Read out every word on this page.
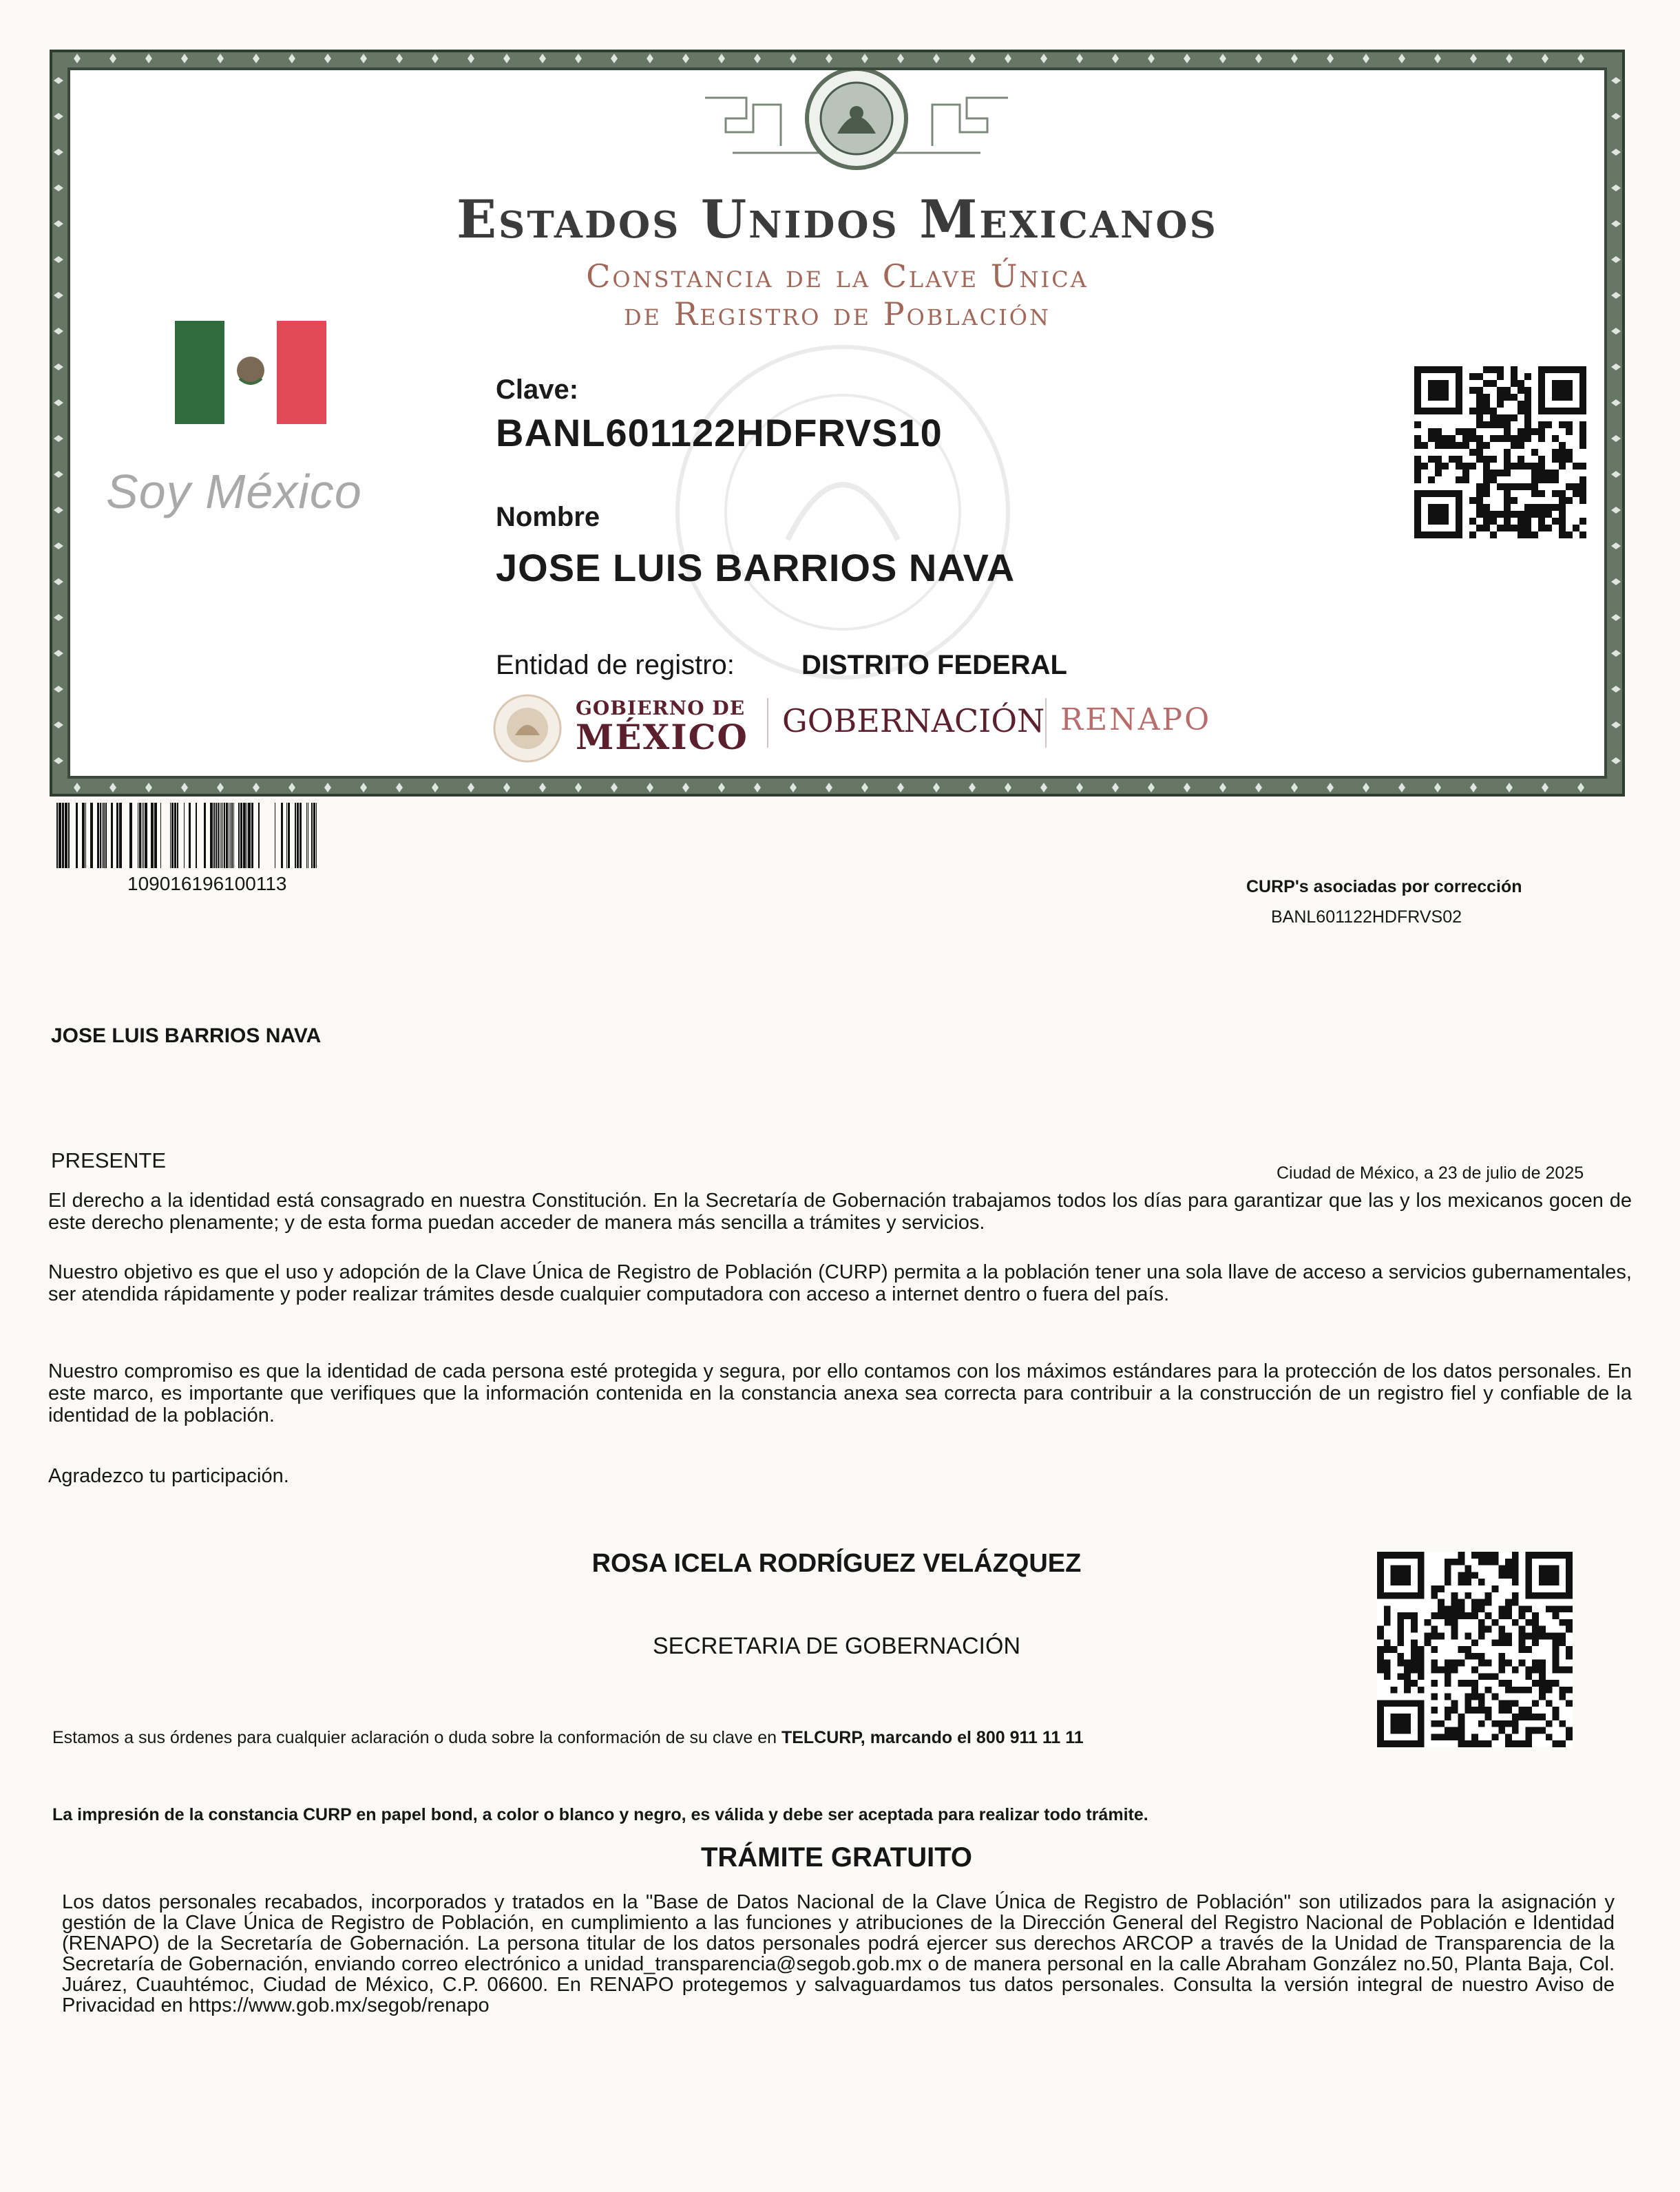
Estados Unidos Mexicanos
Constancia de la Clave Única
de Registro de Población
Soy México
Clave:
BANL601122HDFRVS10
Nombre
JOSE LUIS BARRIOS NAVA
Entidad de registro: DISTRITO FEDERAL
GOBIERNO DE
MÉXICO GOBERNACIÓN RENAPO
109016196100113	CURP's asociadas por corrección
BANL601122HDFRVS02
JOSE LUIS BARRIOS NAVA
PRESENTE
Ciudad de México, a 23 de julio de 2025
El derecho a la identidad está consagrado en nuestra Constitución. En la Secretaría de Gobernación trabajamos todos los días para garantizar que las y los mexicanos gocen de este derecho plenamente; y de esta forma puedan acceder de manera más sencilla a trámites y servicios.
Nuestro objetivo es que el uso y adopción de la Clave Única de Registro de Población (CURP) permita a la población tener una sola llave de acceso a servicios gubernamentales, ser atendida rápidamente y poder realizar trámites desde cualquier computadora con acceso a internet dentro o fuera del país.
Nuestro compromiso es que la identidad de cada persona esté protegida y segura, por ello contamos con los máximos estándares para la protección de los datos personales. En este marco, es importante que verifiques que la información contenida en la constancia anexa sea correcta para contribuir a la construcción de un registro fiel y confiable de la identidad de la población.
Agradezco tu participación.
ROSA ICELA RODRÍGUEZ VELÁZQUEZ
SECRETARIA DE GOBERNACIÓN
Estamos a sus órdenes para cualquier aclaración o duda sobre la conformación de su clave en TELCURP, marcando el 800 911 11 11
La impresión de la constancia CURP en papel bond, a color o blanco y negro, es válida y debe ser aceptada para realizar todo trámite.
TRÁMITE GRATUITO
Los datos personales recabados, incorporados y tratados en la "Base de Datos Nacional de la Clave Única de Registro de Población" son utilizados para la asignación y gestión de la Clave Única de Registro de Población, en cumplimiento a las funciones y atribuciones de la Dirección General del Registro Nacional de Población e Identidad (RENAPO) de la Secretaría de Gobernación. La persona titular de los datos personales podrá ejercer sus derechos ARCOP a través de la Unidad de Transparencia de la Secretaría de Gobernación, enviando correo electrónico a unidad_transparencia@segob.gob.mx o de manera personal en la calle Abraham González no.50, Planta Baja, Col. Juárez, Cuauhtémoc, Ciudad de México, C.P. 06600. En RENAPO protegemos y salvaguardamos tus datos personales. Consulta la versión integral de nuestro Aviso de Privacidad en https://www.gob.mx/segob/renapo
